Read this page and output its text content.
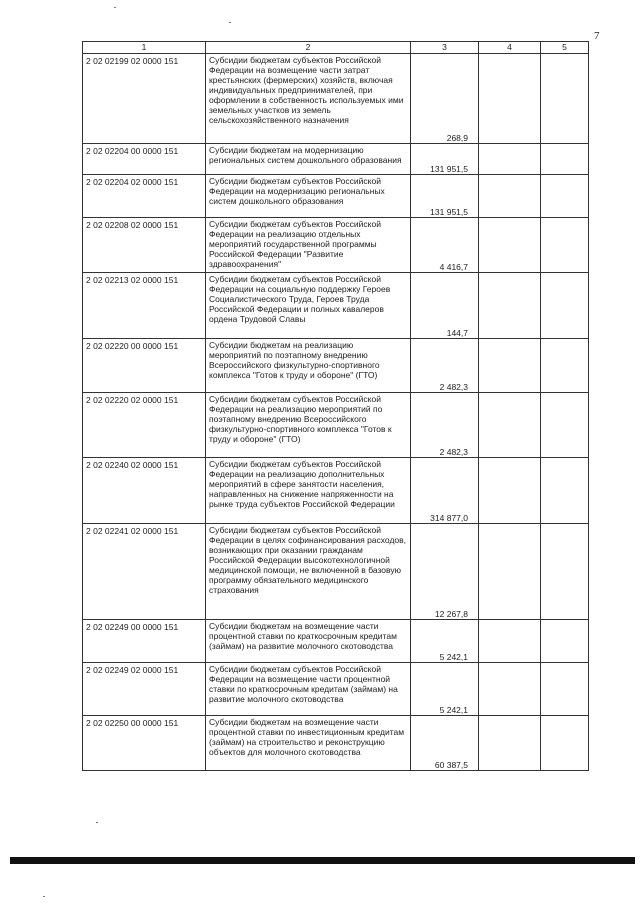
7
1	2	3	4	5
2 02 02199 02 0000 151	Субсидии бюджетам субъектов Российской Федерации на возмещение части затрат крестьянских (фермерских) хозяйств, включая индивидуальных предпринимателей, при оформлении в собственность используемых ими земельных участков из земель сельскохозяйственного назначения	268,9		
2 02 02204 00 0000 151	Субсидии бюджетам на модернизацию региональных систем дошкольного образования	131 951,5		
2 02 02204 02 0000 151	Субсидии бюджетам субъектов Российской Федерации на модернизацию региональных систем дошкольного образования	131 951,5		
2 02 02208 02 0000 151	Субсидии бюджетам субъектов Российской Федерации на реализацию отдельных мероприятий государственной программы Российской Федерации "Развитие здравоохранения"	4 416,7		
2 02 02213 02 0000 151	Субсидии бюджетам субъектов Российской Федерации на социальную поддержку Героев Социалистического Труда, Героев Труда Российской Федерации и полных кавалеров ордена Трудовой Славы	144,7		
2 02 02220 00 0000 151	Субсидии бюджетам на реализацию мероприятий по поэтапному внедрению Всероссийского физкультурно-спортивного комплекса "Готов к труду и обороне" (ГТО)	2 482,3		
2 02 02220 02 0000 151	Субсидии бюджетам субъектов Российской Федерации на реализацию мероприятий по поэтапному внедрению Всероссийского физкультурно-спортивного комплекса "Готов к труду и обороне" (ГТО)	2 482,3		
2 02 02240 02 0000 151	Субсидии бюджетам субъектов Российской Федерации на реализацию дополнительных мероприятий в сфере занятости населения, направленных на снижение напряженности на рынке труда субъектов Российской Федерации	314 877,0		
2 02 02241 02 0000 151	Субсидии бюджетам субъектов Российской Федерации в целях софинансирования расходов, возникающих при оказании гражданам Российской Федерации высокотехнологичной медицинской помощи, не включенной в базовую программу обязательного медицинского страхования	12 267,8		
2 02 02249 00 0000 151	Субсидии бюджетам на возмещение части процентной ставки по краткосрочным кредитам (займам) на развитие молочного скотоводства	5 242,1		
2 02 02249 02 0000 151	Субсидии бюджетам субъектов Российской Федерации на возмещение части процентной ставки по краткосрочным кредитам (займам) на развитие молочного скотоводства	5 242,1		
2 02 02250 00 0000 151	Субсидии бюджетам на возмещение части процентной ставки по инвестиционным кредитам (займам) на строительство и реконструкцию объектов для молочного скотоводства	60 387,5		
